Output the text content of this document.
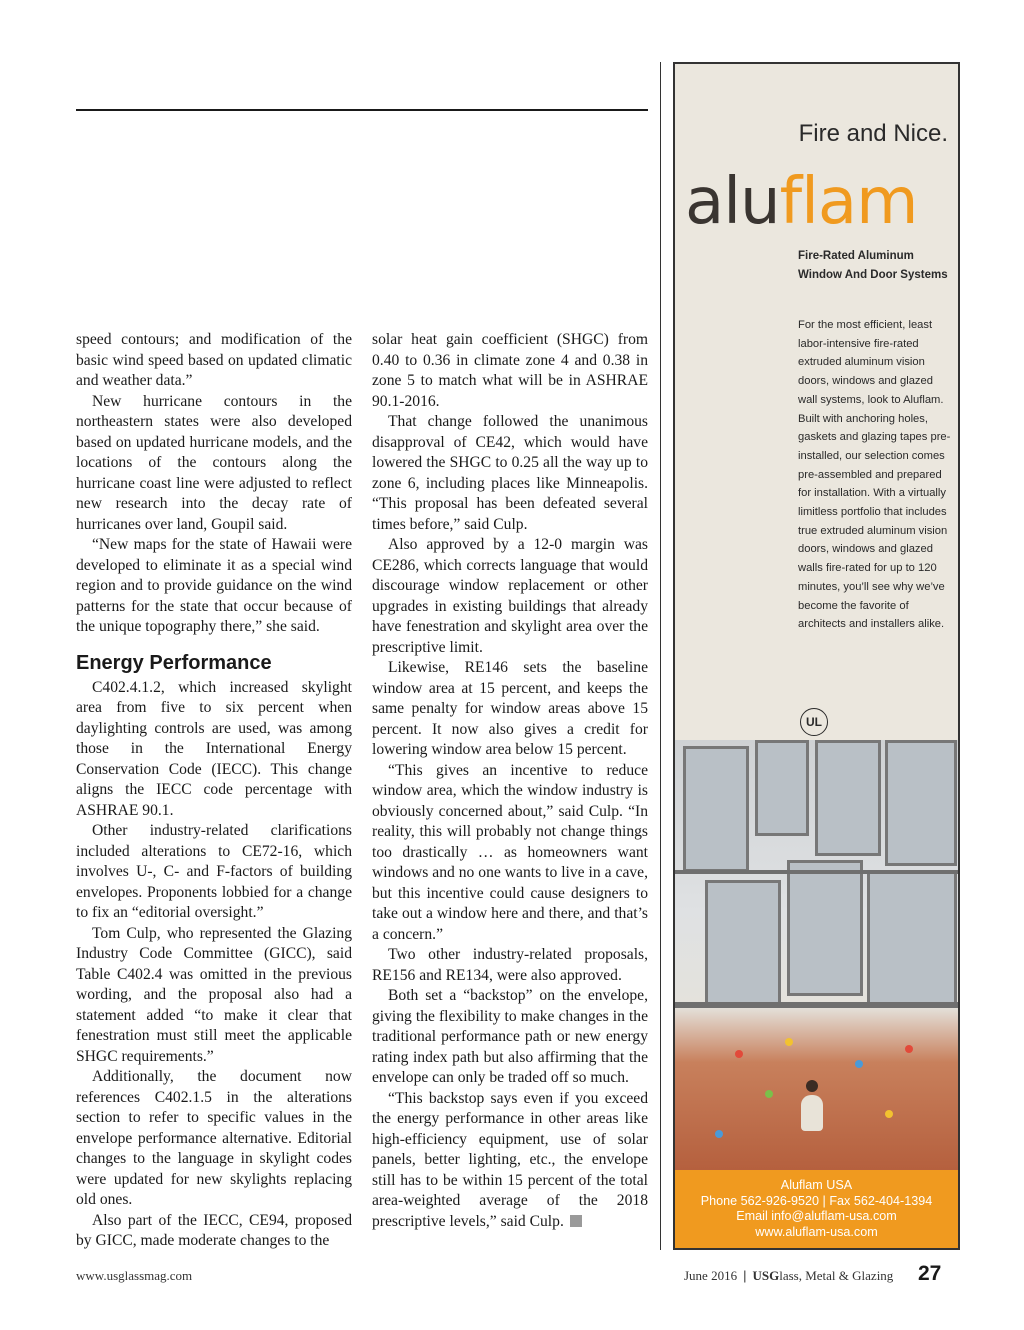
speed contours; and modification of the basic wind speed based on updated climatic and weather data.”

New hurricane contours in the northeastern states were also developed based on updated hurricane models, and the locations of the contours along the hurricane coast line were adjusted to reflect new research into the decay rate of hurricanes over land, Goupil said.

“New maps for the state of Hawaii were developed to eliminate it as a special wind region and to provide guidance on the wind patterns for the state that occur because of the unique topography there,” she said.

Energy Performance

C402.4.1.2, which increased skylight area from five to six percent when daylighting controls are used, was among those in the International Energy Conservation Code (IECC). This change aligns the IECC code percentage with ASHRAE 90.1.

Other industry-related clarifications included alterations to CE72-16, which involves U-, C- and F-factors of building envelopes. Proponents lobbied for a change to fix an “editorial oversight.”

Tom Culp, who represented the Glazing Industry Code Committee (GICC), said Table C402.4 was omitted in the previous wording, and the proposal also had a statement added “to make it clear that fenestration must still meet the applicable SHGC requirements.”

Additionally, the document now references C402.1.5 in the alterations section to refer to specific values in the envelope performance alternative. Editorial changes to the language in skylight codes were updated for new skylights replacing old ones.

Also part of the IECC, CE94, proposed by GICC, made moderate changes to the

solar heat gain coefficient (SHGC) from 0.40 to 0.36 in climate zone 4 and 0.38 in zone 5 to match what will be in ASHRAE 90.1-2016.

That change followed the unanimous disapproval of CE42, which would have lowered the SHGC to 0.25 all the way up to zone 6, including places like Minneapolis. “This proposal has been defeated several times before,” said Culp.

Also approved by a 12-0 margin was CE286, which corrects language that would discourage window replacement or other upgrades in existing buildings that already have fenestration and skylight area over the prescriptive limit.

Likewise, RE146 sets the baseline window area at 15 percent, and keeps the same penalty for window areas above 15 percent. It now also gives a credit for lowering window area below 15 percent.

“This gives an incentive to reduce window area, which the window industry is obviously concerned about,” said Culp. “In reality, this will probably not change things too drastically … as homeowners want windows and no one wants to live in a cave, but this incentive could cause designers to take out a window here and there, and that’s a concern.”

Two other industry-related proposals, RE156 and RE134, were also approved.

Both set a “backstop” on the envelope, giving the flexibility to make changes in the traditional performance path or new energy rating index path but also affirming that the envelope can only be traded off so much.

“This backstop says even if you exceed the energy performance in other areas like high-efficiency equipment, use of solar panels, better lighting, etc., the envelope still has to be within 15 percent of the total area-weighted average of the 2018 prescriptive levels,” said Culp.

Fire and Nice.
aluflam
Fire-Rated Aluminum Window And Door Systems
For the most efficient, least labor-intensive fire-rated extruded aluminum vision doors, windows and glazed wall systems, look to Aluflam. Built with anchoring holes, gaskets and glazing tapes pre-installed, our selection comes pre-assembled and prepared for installation. With a virtually limitless portfolio that includes true extruded aluminum vision doors, windows and glazed walls fire-rated for up to 120 minutes, you’ll see why we’ve become the favorite of architects and installers alike.
UL
Aluflam USA
Phone 562-926-9520 | Fax 562-404-1394
Email info@aluflam-usa.com
www.aluflam-usa.com
www.usglassmag.com	June 2016 | USGlass, Metal & Glazing 27
